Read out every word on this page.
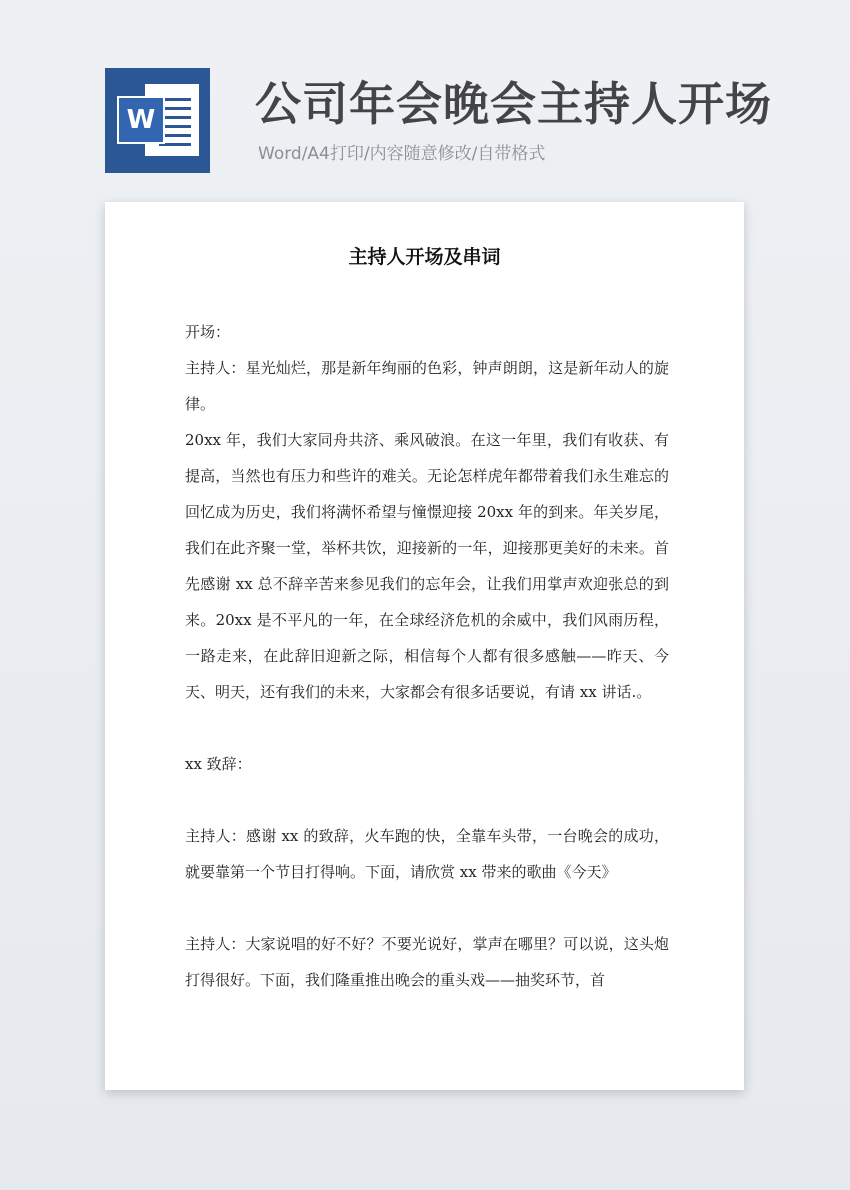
W 公司年会晚会主持人开场
Word/A4打印/内容随意修改/自带格式
主持人开场及串词

开场：

主持人：星光灿烂，那是新年绚丽的色彩，钟声朗朗，这是新年动人的旋律。

20xx 年，我们大家同舟共济、乘风破浪。在这一年里，我们有收获、有提高，当然也有压力和些许的难关。无论怎样虎年都带着我们永生难忘的回忆成为历史，我们将满怀希望与憧憬迎接 20xx 年的到来。年关岁尾，我们在此齐聚一堂，举杯共饮，迎接新的一年，迎接那更美好的未来。首先感谢 xx 总不辞辛苦来参见我们的忘年会，让我们用掌声欢迎张总的到来。20xx 是不平凡的一年，在全球经济危机的余威中，我们风雨历程，一路走来，在此辞旧迎新之际，相信每个人都有很多感触——昨天、今天、明天，还有我们的未来，大家都会有很多话要说，有请 xx 讲话.。

xx 致辞：

主持人：感谢 xx 的致辞，火车跑的快，全靠车头带，一台晚会的成功，就要靠第一个节目打得响。下面，请欣赏 xx 带来的歌曲《今天》

主持人：大家说唱的好不好？不要光说好，掌声在哪里？可以说，这头炮打得很好。下面，我们隆重推出晚会的重头戏——抽奖环节，首
